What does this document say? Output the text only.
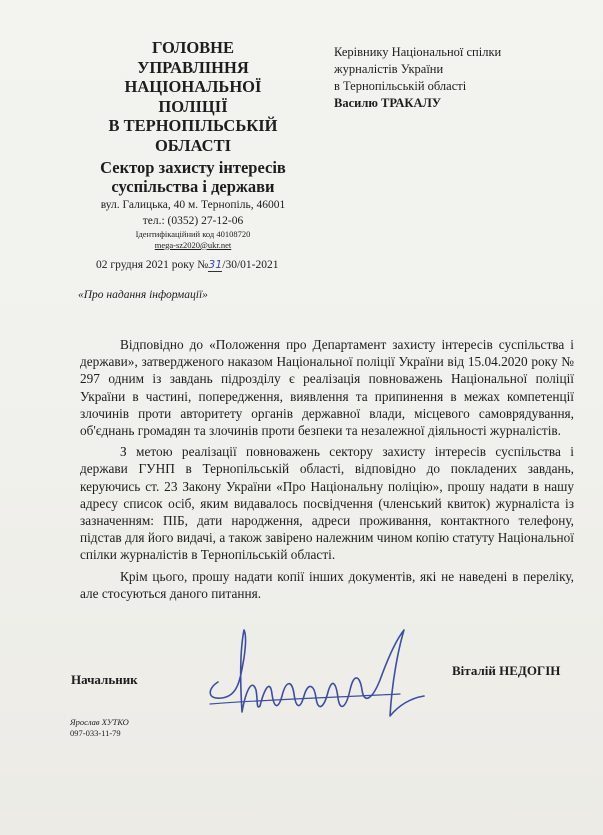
ГОЛОВНЕ
УПРАВЛІННЯ
НАЦІОНАЛЬНОЇ
ПОЛІЦІЇ
В ТЕРНОПІЛЬСЬКІЙ
ОБЛАСТІ
Сектор захисту інтересів
суспільства і держави
вул. Галицька, 40 м. Тернопіль, 46001
тел.: (0352) 27-12-06
Ідентифікаційний код 40108720
mega-sz2020@ukr.net
02 грудня 2021 року №31/30/01-2021
Керівнику Національної спілки
журналістів України
в Тернопільській області
Василю ТРАКАЛУ
«Про надання інформації»

Відповідно до «Положення про Департамент захисту інтересів суспільства і держави», затвердженого наказом Національної поліції України від 15.04.2020 року № 297 одним із завдань підрозділу є реалізація повноважень Національної поліції України в частині, попередження, виявлення та припинення в межах компетенції злочинів проти авторитету органів державної влади, місцевого самоврядування, об'єднань громадян та злочинів проти безпеки та незалежної діяльності журналістів.

З метою реалізації повноважень сектору захисту інтересів суспільства і держави ГУНП в Тернопільській області, відповідно до покладених завдань, керуючись ст. 23 Закону України «Про Національну поліцію», прошу надати в нашу адресу список осіб, яким видавалось посвідчення (членський квиток) журналіста із зазначенням: ПІБ, дати народження, адреси проживання, контактного телефону, підстав для його видачі, а також завірено належним чином копію статуту Національної спілки журналістів в Тернопільській області.

Крім цього, прошу надати копії інших документів, які не наведені в переліку, але стосуються даного питання.

Начальник
Віталій НЕДОГІН
Ярослав ХУТКО
097-033-11-79
